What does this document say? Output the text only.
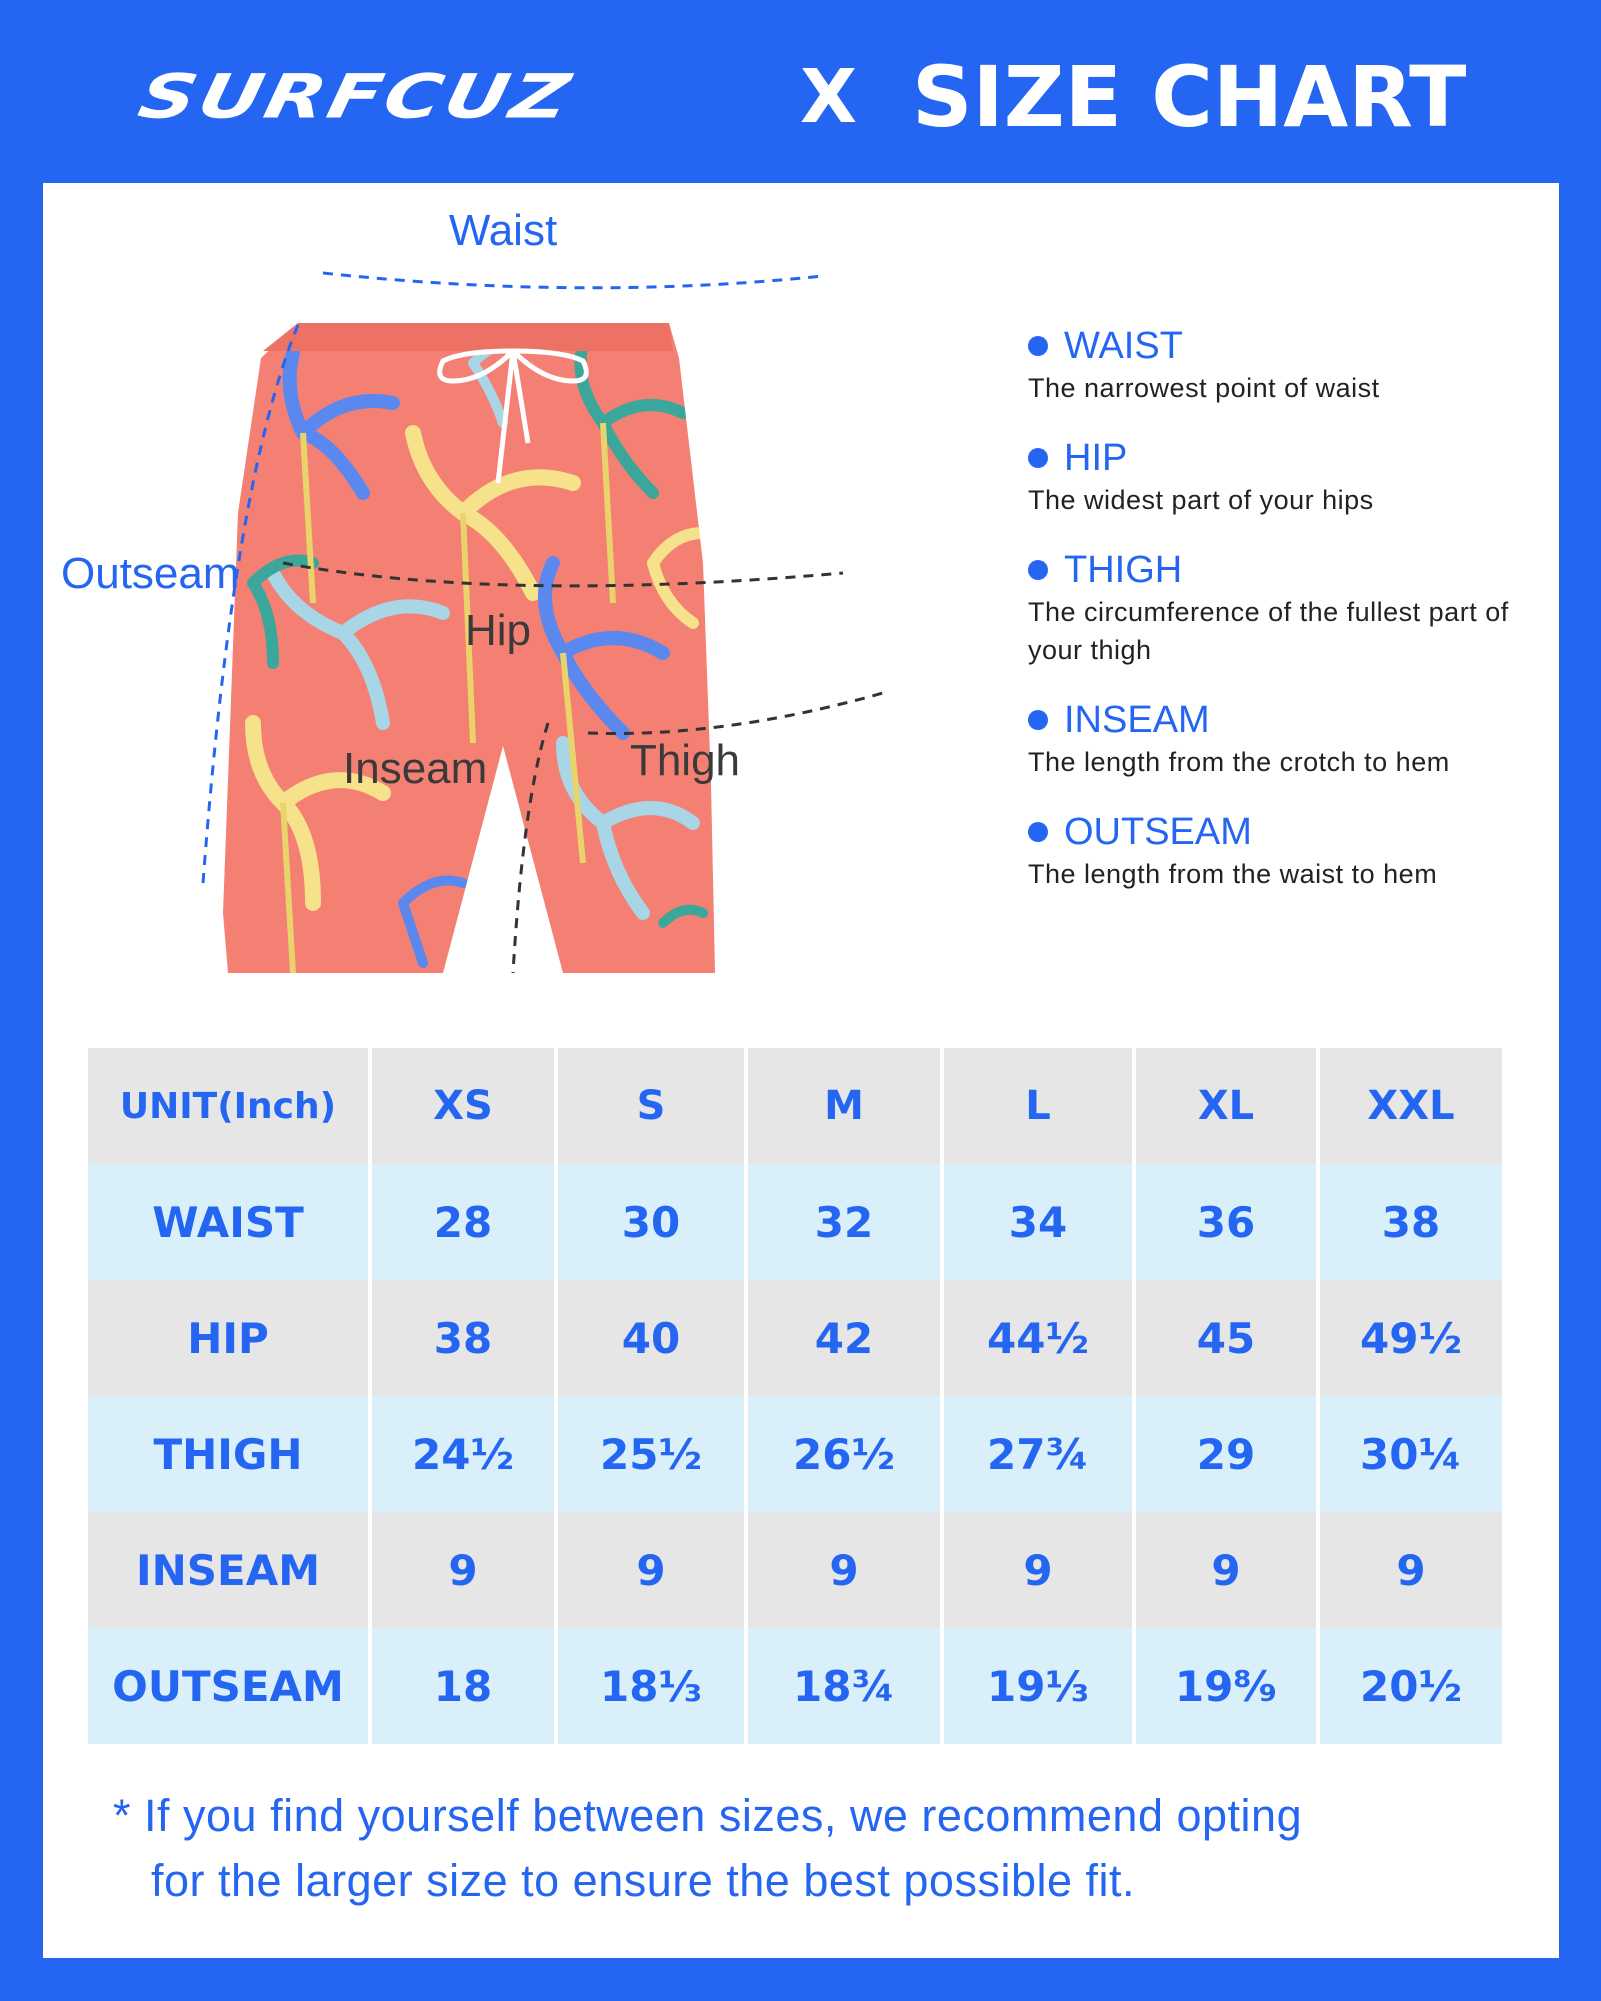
SURFCUZ	X SIZE CHART
Waist
Outseam
Hip
Inseam	Thigh
WAIST
The narrowest point of waist
HIP
The widest part of your hips
THIGH
The circumference of the fullest part of your thigh
INSEAM
The length from the crotch to hem
OUTSEAM
The length from the waist to hem
UNIT(Inch)	XS	S	M	L	XL	XXL
WAIST	28	30	32	34	36	38
HIP	38	40	42	44½	45	49½
THIGH	24½	25½	26½	27¾	29	30¼
INSEAM	9	9	9	9	9	9
OUTSEAM	18	18⅓	18¾	19⅓	19⁸⁄₉	20½
* If you find yourself between sizes, we recommend opting
for the larger size to ensure the best possible fit.
